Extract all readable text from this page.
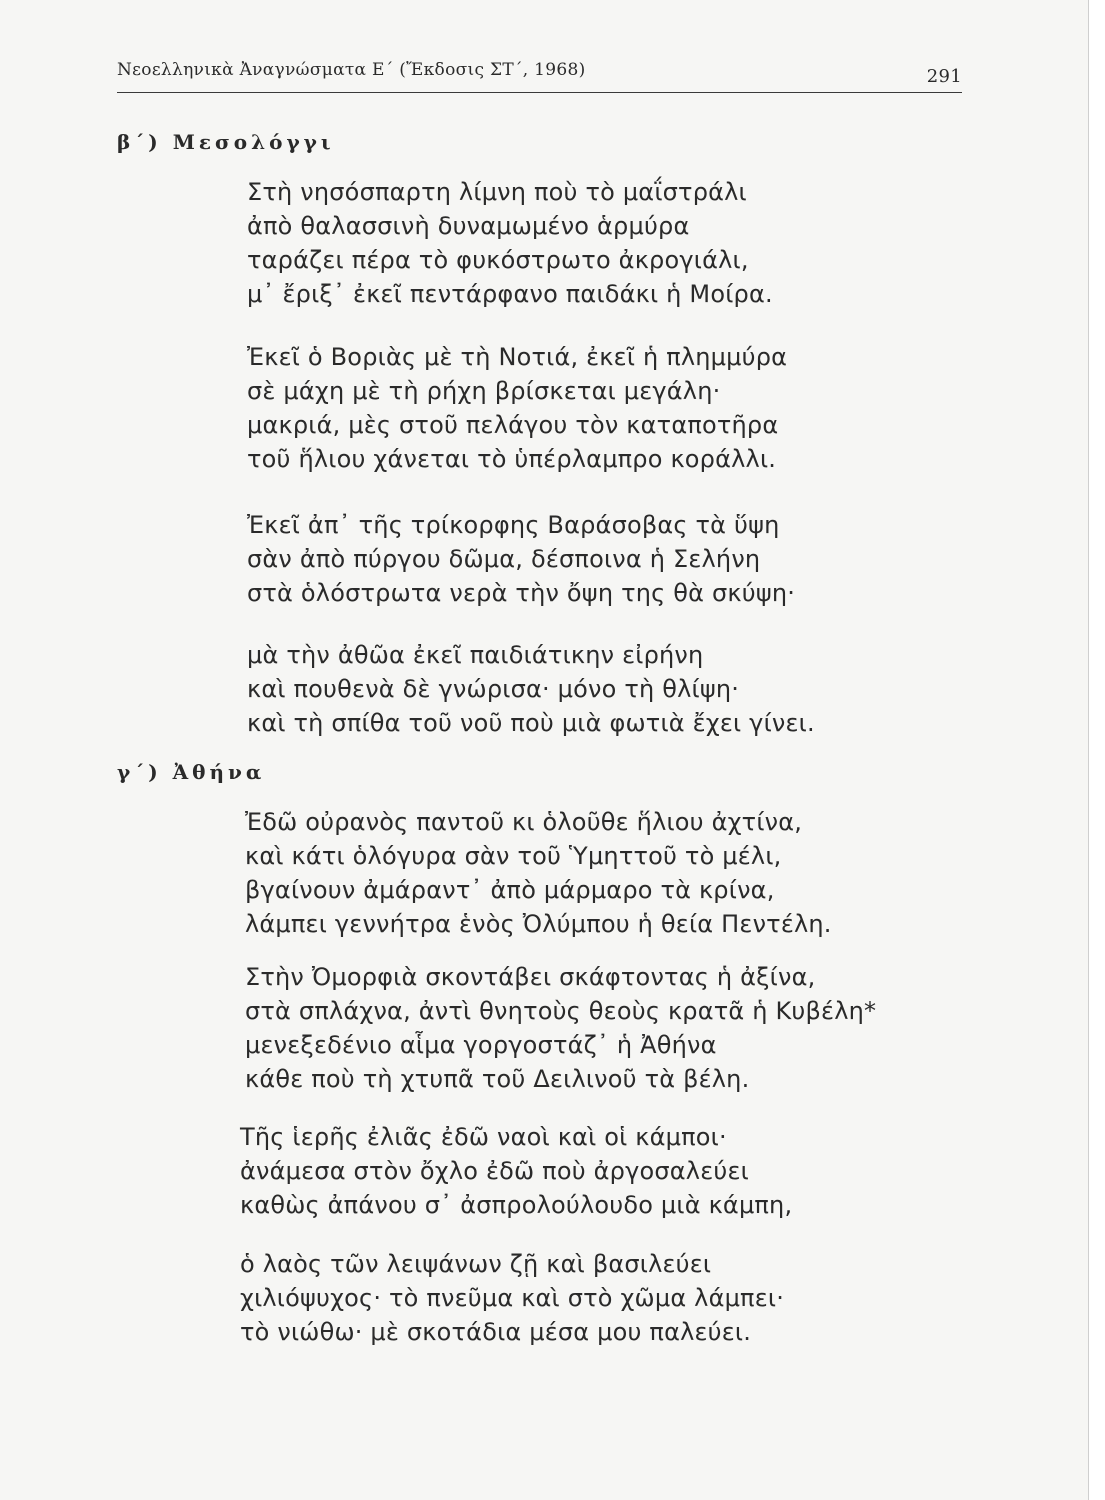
Νεοελληνικὰ Ἀναγνώσματα Ε΄ (Ἔκδοσις ΣΤ΄, 1968)	291
β΄) Μεσολόγγι
Στὴ νησόσπαρτη λίμνη ποὺ τὸ μαΐστράλι
ἀπὸ θαλασσινὴ δυναμωμένο ἁρμύρα
ταράζει πέρα τὸ φυκόστρωτο ἀκρογιάλι,
μ᾽ ἔριξ᾽ ἐκεῖ πεντάρφανο παιδάκι ἡ Μοίρα.
Ἐκεῖ ὁ Βοριὰς μὲ τὴ Νοτιά, ἐκεῖ ἡ πλημμύρα
σὲ μάχη μὲ τὴ ρήχη βρίσκεται μεγάλη·
μακριά, μὲς στοῦ πελάγου τὸν καταποτῆρα
τοῦ ἥλιου χάνεται τὸ ὑπέρλαμπρο κοράλλι.
Ἐκεῖ ἀπ᾽ τῆς τρίκορφης Βαράσοβας τὰ ὕψη
σὰν ἀπὸ πύργου δῶμα, δέσποινα ἡ Σελήνη
στὰ ὁλόστρωτα νερὰ τὴν ὄψη της θὰ σκύψη·
μὰ τὴν ἀθῶα ἐκεῖ παιδιάτικην εἰρήνη
καὶ πουθενὰ δὲ γνώρισα· μόνο τὴ θλίψη·
καὶ τὴ σπίθα τοῦ νοῦ ποὺ μιὰ φωτιὰ ἔχει γίνει.
γ΄) Ἀθήνα
Ἐδῶ οὐρανὸς παντοῦ κι ὁλοῦθε ἥλιου ἀχτίνα,
καὶ κάτι ὁλόγυρα σὰν τοῦ Ὑμηττοῦ τὸ μέλι,
βγαίνουν ἀμάραντ᾽ ἀπὸ μάρμαρο τὰ κρίνα,
λάμπει γεννήτρα ἑνὸς Ὀλύμπου ἡ θεία Πεντέλη.
Στὴν Ὀμορφιὰ σκοντάβει σκάφτοντας ἡ ἀξίνα,
στὰ σπλάχνα, ἀντὶ θνητοὺς θεοὺς κρατᾶ ἡ Κυβέλη*
μενεξεδένιο αἷμα γοργοστάζ᾽ ἡ Ἀθήνα
κάθε ποὺ τὴ χτυπᾶ τοῦ Δειλινοῦ τὰ βέλη.
Τῆς ἱερῆς ἐλιᾶς ἐδῶ ναοὶ καὶ οἱ κάμποι·
ἀνάμεσα στὸν ὄχλο ἐδῶ ποὺ ἀργοσαλεύει
καθὼς ἀπάνου σ᾽ ἀσπρολούλουδο μιὰ κάμπη,
ὁ λαὸς τῶν λειψάνων ζῇ καὶ βασιλεύει
χιλιόψυχος· τὸ πνεῦμα καὶ στὸ χῶμα λάμπει·
τὸ νιώθω· μὲ σκοτάδια μέσα μου παλεύει.
